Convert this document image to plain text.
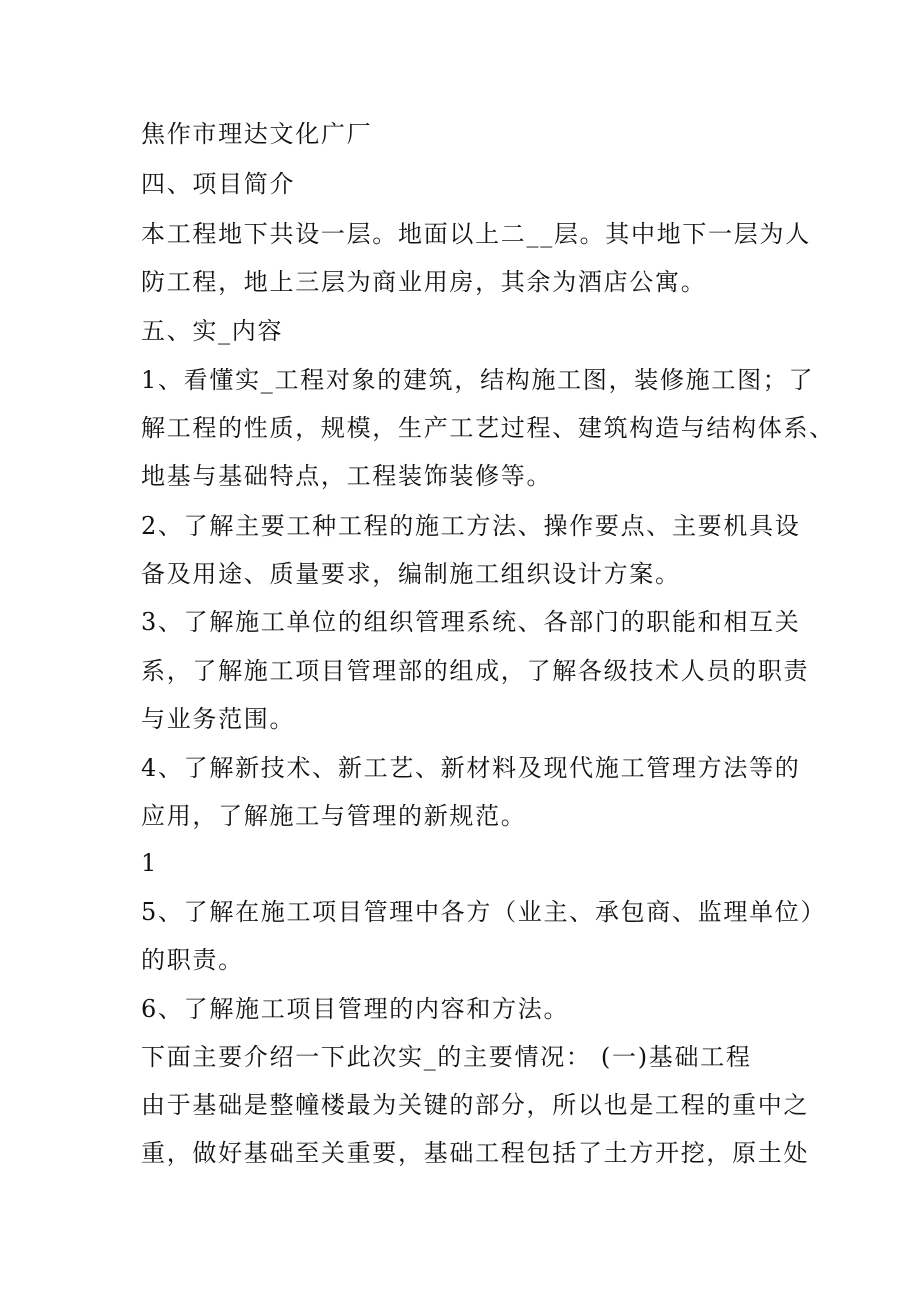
焦作市理达文化广厂

四、项目简介

本工程地下共设一层。地面以上二__层。其中地下一层为人

防工程，地上三层为商业用房，其余为酒店公寓。

五、实_内容

1、看懂实_工程对象的建筑，结构施工图，装修施工图；了

解工程的性质，规模，生产工艺过程、建筑构造与结构体系、

地基与基础特点，工程装饰装修等。

2、了解主要工种工程的施工方法、操作要点、主要机具设

备及用途、质量要求，编制施工组织设计方案。

3、了解施工单位的组织管理系统、各部门的职能和相互关

系，了解施工项目管理部的组成，了解各级技术人员的职责

与业务范围。

4、了解新技术、新工艺、新材料及现代施工管理方法等的

应用，了解施工与管理的新规范。

1

5、了解在施工项目管理中各方（业主、承包商、监理单位）

的职责。

6、了解施工项目管理的内容和方法。

下面主要介绍一下此次实_的主要情况： (一)基础工程

由于基础是整幢楼最为关键的部分，所以也是工程的重中之

重，做好基础至关重要，基础工程包括了土方开挖，原土处
